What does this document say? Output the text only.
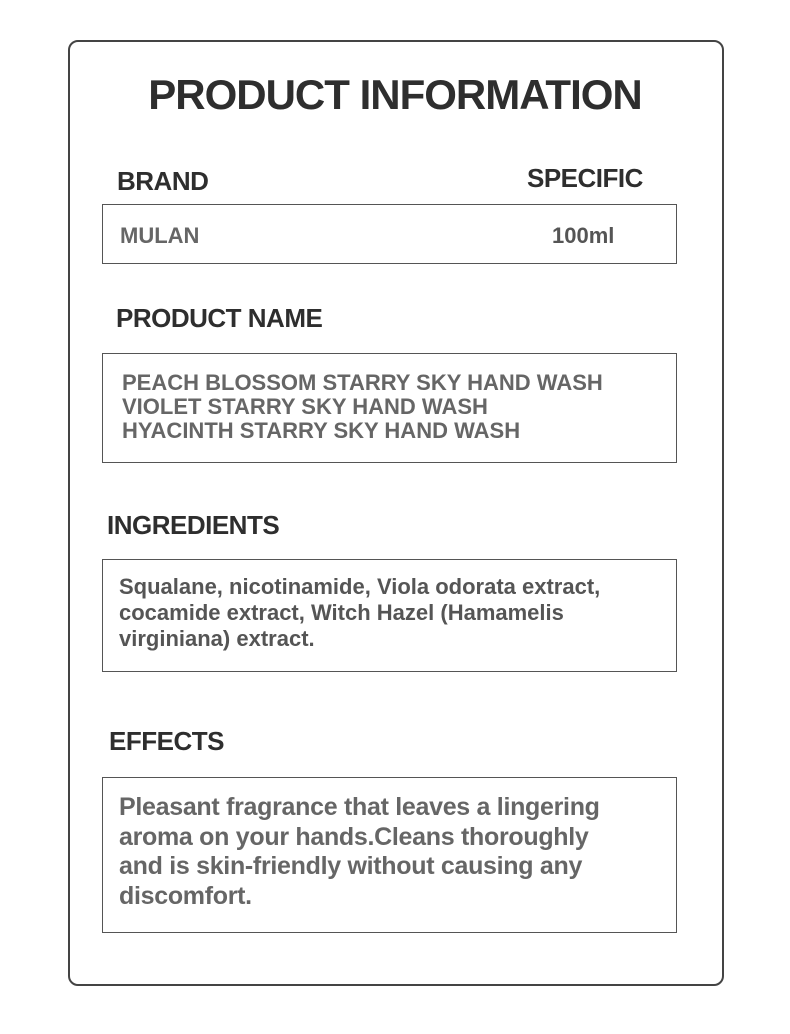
PRODUCT INFORMATION
BRAND	SPECIFIC
MULAN	100ml
PRODUCT NAME
PEACH BLOSSOM STARRY SKY HAND WASH
VIOLET STARRY SKY HAND WASH
HYACINTH STARRY SKY HAND WASH
INGREDIENTS
Squalane, nicotinamide, Viola odorata extract,
cocamide extract, Witch Hazel (Hamamelis
virginiana) extract.
EFFECTS
Pleasant fragrance that leaves a lingering
aroma on your hands.Cleans thoroughly
and is skin-friendly without causing any
discomfort.
